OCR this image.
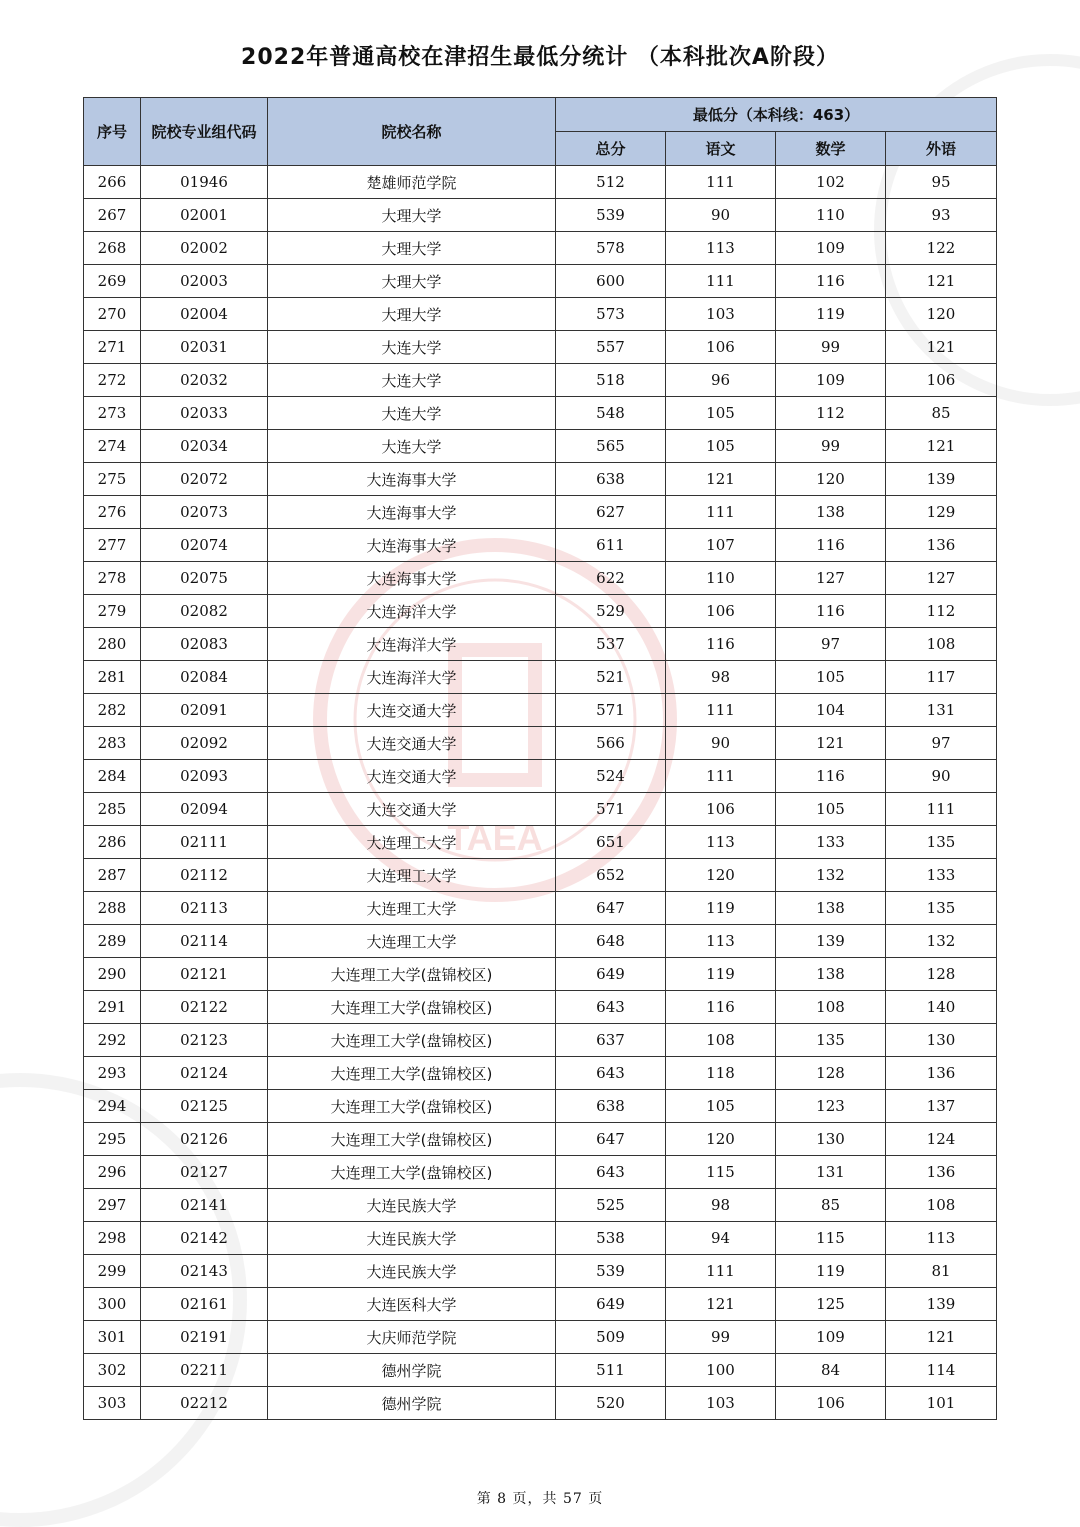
TAEA
2022年普通高校在津招生最低分统计 （本科批次A阶段）
序号	院校专业组代码	院校名称	最低分（本科线：463）			
			总分	语文	数学	外语
266	01946	楚雄师范学院	512	111	102	95
267	02001	大理大学	539	90	110	93
268	02002	大理大学	578	113	109	122
269	02003	大理大学	600	111	116	121
270	02004	大理大学	573	103	119	120
271	02031	大连大学	557	106	99	121
272	02032	大连大学	518	96	109	106
273	02033	大连大学	548	105	112	85
274	02034	大连大学	565	105	99	121
275	02072	大连海事大学	638	121	120	139
276	02073	大连海事大学	627	111	138	129
277	02074	大连海事大学	611	107	116	136
278	02075	大连海事大学	622	110	127	127
279	02082	大连海洋大学	529	106	116	112
280	02083	大连海洋大学	537	116	97	108
281	02084	大连海洋大学	521	98	105	117
282	02091	大连交通大学	571	111	104	131
283	02092	大连交通大学	566	90	121	97
284	02093	大连交通大学	524	111	116	90
285	02094	大连交通大学	571	106	105	111
286	02111	大连理工大学	651	113	133	135
287	02112	大连理工大学	652	120	132	133
288	02113	大连理工大学	647	119	138	135
289	02114	大连理工大学	648	113	139	132
290	02121	大连理工大学(盘锦校区)	649	119	138	128
291	02122	大连理工大学(盘锦校区)	643	116	108	140
292	02123	大连理工大学(盘锦校区)	637	108	135	130
293	02124	大连理工大学(盘锦校区)	643	118	128	136
294	02125	大连理工大学(盘锦校区)	638	105	123	137
295	02126	大连理工大学(盘锦校区)	647	120	130	124
296	02127	大连理工大学(盘锦校区)	643	115	131	136
297	02141	大连民族大学	525	98	85	108
298	02142	大连民族大学	538	94	115	113
299	02143	大连民族大学	539	111	119	81
300	02161	大连医科大学	649	121	125	139
301	02191	大庆师范学院	509	99	109	121
302	02211	德州学院	511	100	84	114
303	02212	德州学院	520	103	106	101
第 8 页，共 57 页
